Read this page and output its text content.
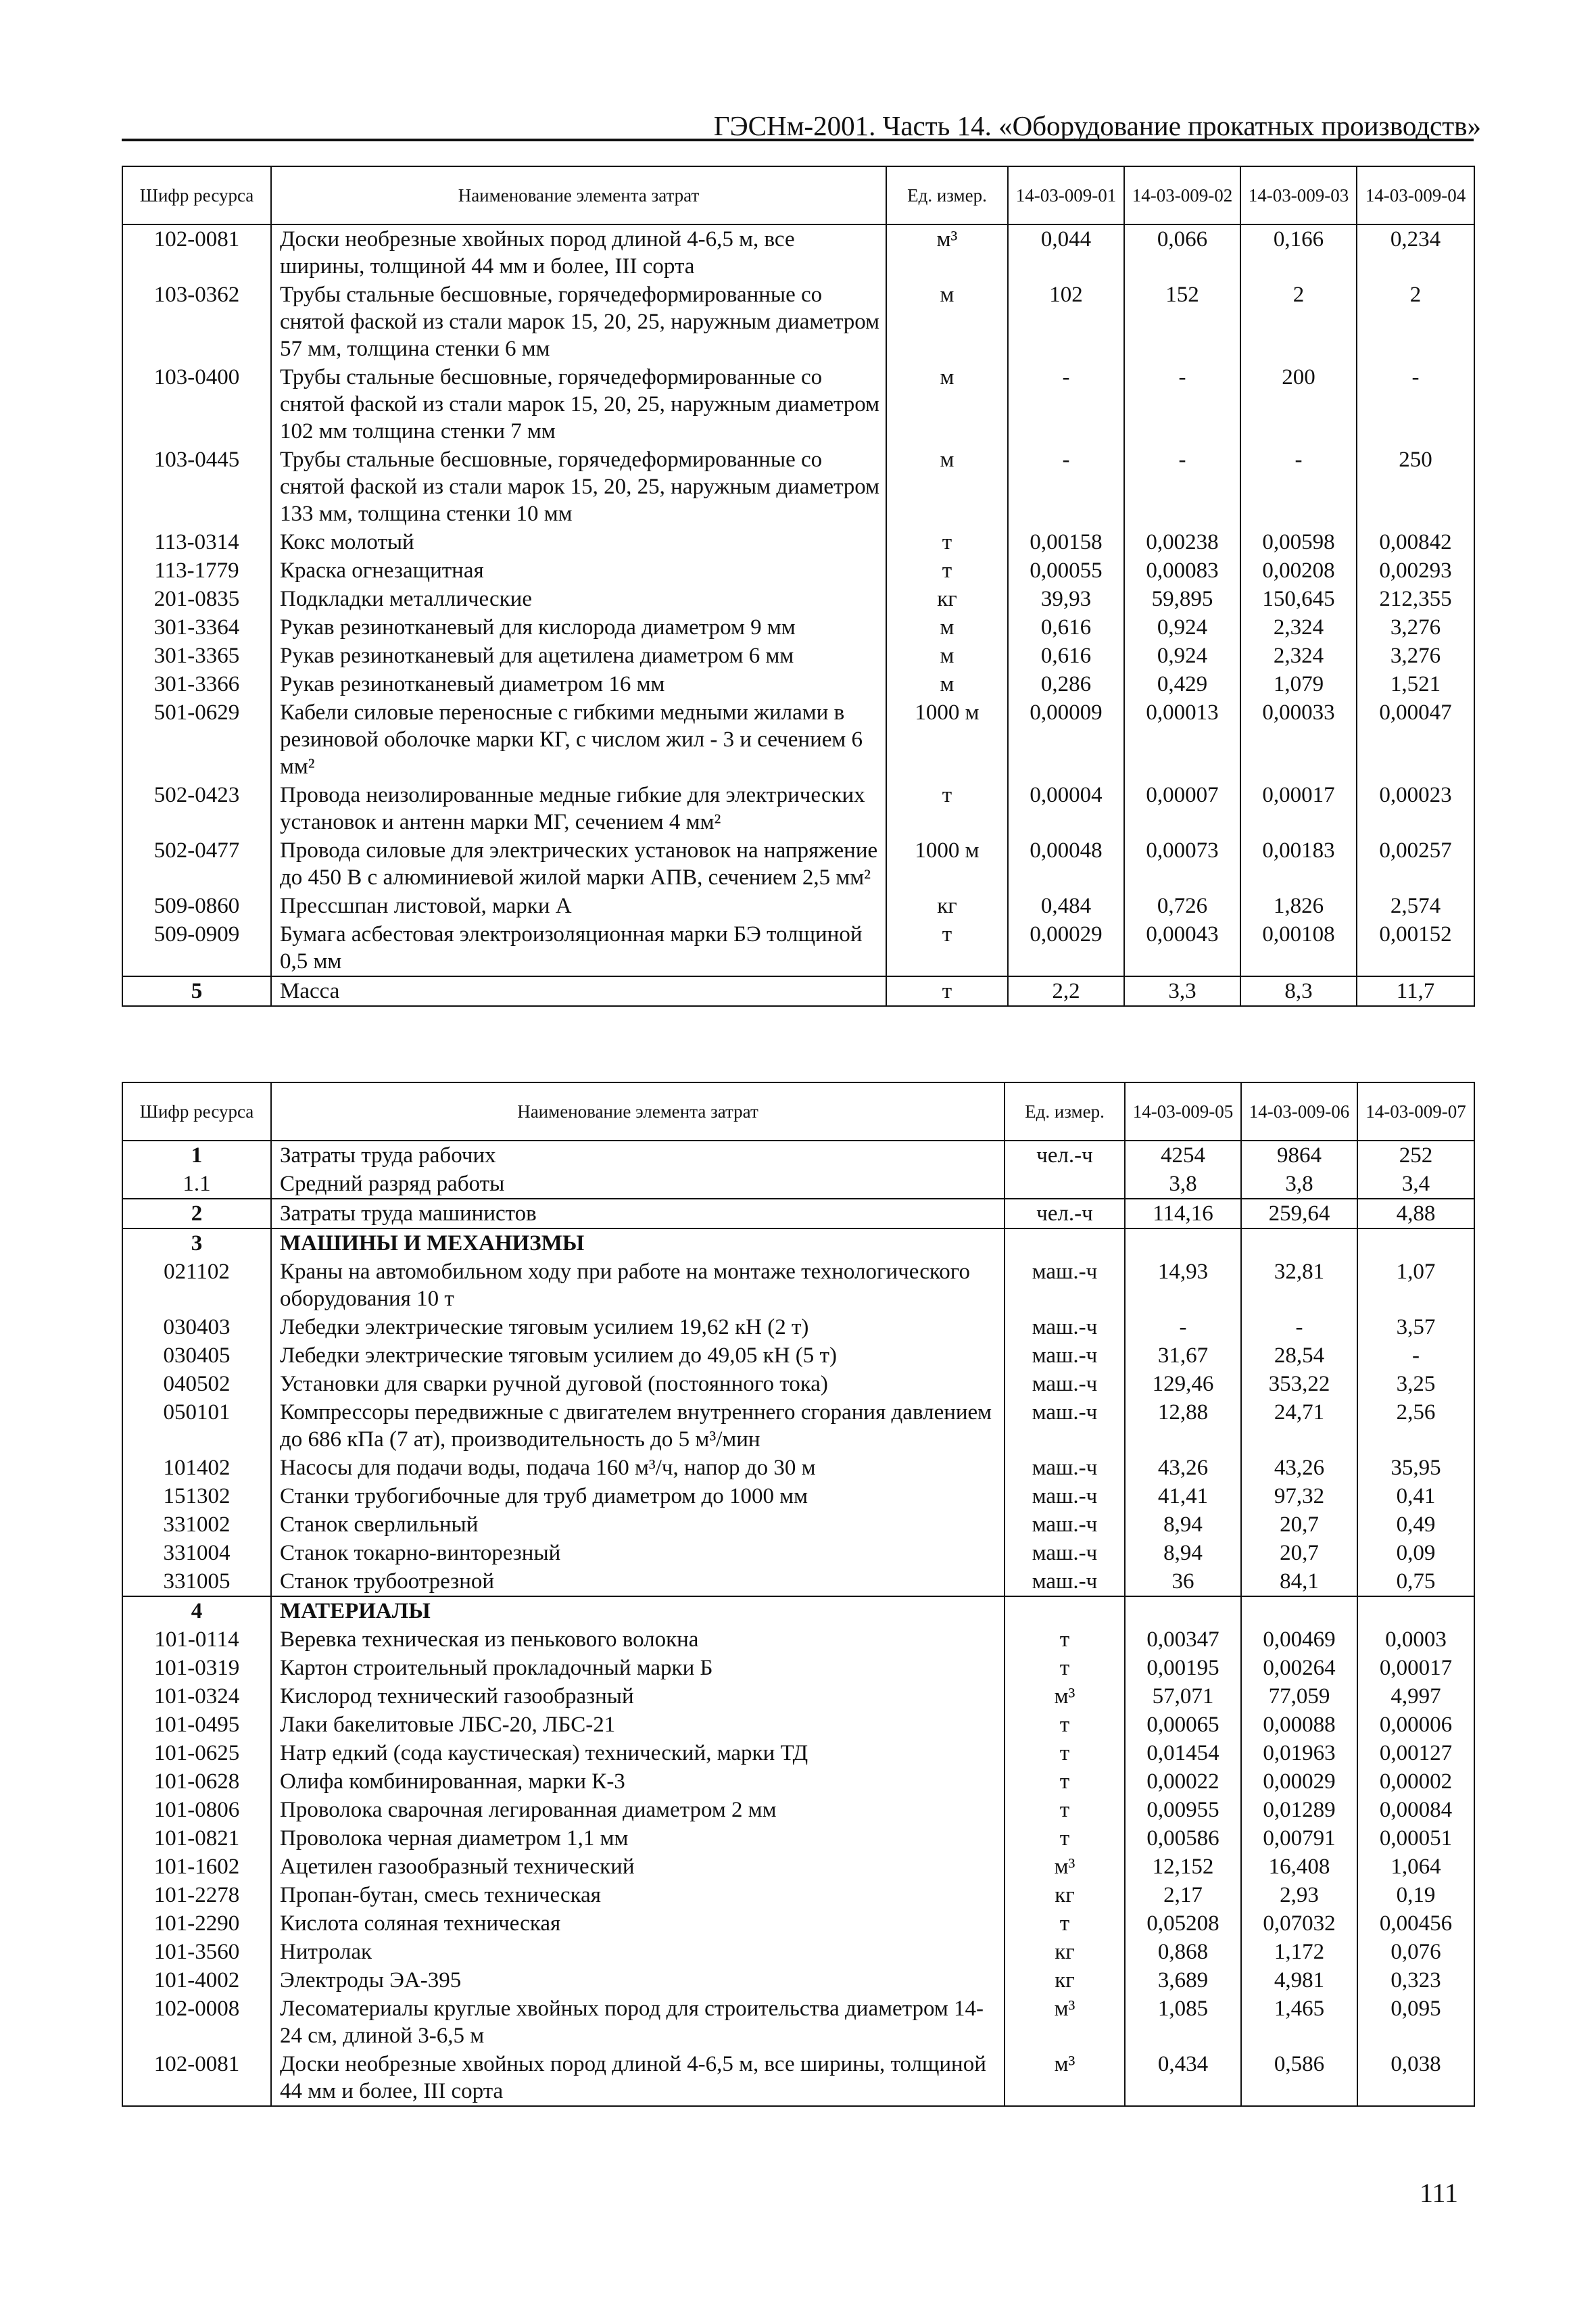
ГЭСНм-2001. Часть 14. «Оборудование прокатных производств»
Шифр ресурса	Наименование элемента затрат	Ед. измер.	14-03-009-01	14-03-009-02	14-03-009-03	14-03-009-04
102-0081	Доски необрезные хвойных пород длиной 4-6,5 м, все ширины, толщиной 44 мм и более, III сорта	м³	0,044	0,066	0,166	0,234
103-0362	Трубы стальные бесшовные, горячедеформированные со снятой фаской из стали марок 15, 20, 25, наружным диаметром 57 мм, толщина стенки 6 мм	м	102	152	2	2
103-0400	Трубы стальные бесшовные, горячедеформированные со снятой фаской из стали марок 15, 20, 25, наружным диаметром 102 мм толщина стенки 7 мм	м	-	-	200	-
103-0445	Трубы стальные бесшовные, горячедеформированные со снятой фаской из стали марок 15, 20, 25, наружным диаметром 133 мм, толщина стенки 10 мм	м	-	-	-	250
113-0314	Кокс молотый	т	0,00158	0,00238	0,00598	0,00842
113-1779	Краска огнезащитная	т	0,00055	0,00083	0,00208	0,00293
201-0835	Подкладки металлические	кг	39,93	59,895	150,645	212,355
301-3364	Рукав резинотканевый для кислорода диаметром 9 мм	м	0,616	0,924	2,324	3,276
301-3365	Рукав резинотканевый для ацетилена диаметром 6 мм	м	0,616	0,924	2,324	3,276
301-3366	Рукав резинотканевый диаметром 16 мм	м	0,286	0,429	1,079	1,521
501-0629	Кабели силовые переносные с гибкими медными жилами в резиновой оболочке марки КГ, с числом жил - 3 и сечением 6 мм²	1000 м	0,00009	0,00013	0,00033	0,00047
502-0423	Провода неизолированные медные гибкие для электрических установок и антенн марки МГ, сечением 4 мм²	т	0,00004	0,00007	0,00017	0,00023
502-0477	Провода силовые для электрических установок на напряжение до 450 В с алюминиевой жилой марки АПВ, сечением 2,5 мм²	1000 м	0,00048	0,00073	0,00183	0,00257
509-0860	Прессшпан листовой, марки А	кг	0,484	0,726	1,826	2,574
509-0909	Бумага асбестовая электроизоляционная марки БЭ толщиной 0,5 мм	т	0,00029	0,00043	0,00108	0,00152
5	Масса	т	2,2	3,3	8,3	11,7
Шифр ресурса	Наименование элемента затрат	Ед. измер.	14-03-009-05	14-03-009-06	14-03-009-07
1	Затраты труда рабочих	чел.-ч	4254	9864	252
1.1	Средний разряд работы		3,8	3,8	3,4
2	Затраты труда машинистов	чел.-ч	114,16	259,64	4,88
3	МАШИНЫ И МЕХАНИЗМЫ				
021102	Краны на автомобильном ходу при работе на монтаже технологического оборудования 10 т	маш.-ч	14,93	32,81	1,07
030403	Лебедки электрические тяговым усилием 19,62 кН (2 т)	маш.-ч	-	-	3,57
030405	Лебедки электрические тяговым усилием до 49,05 кН (5 т)	маш.-ч	31,67	28,54	-
040502	Установки для сварки ручной дуговой (постоянного тока)	маш.-ч	129,46	353,22	3,25
050101	Компрессоры передвижные с двигателем внутреннего сгорания давлением до 686 кПа (7 ат), производительность до 5 м³/мин	маш.-ч	12,88	24,71	2,56
101402	Насосы для подачи воды, подача 160 м³/ч, напор до 30 м	маш.-ч	43,26	43,26	35,95
151302	Станки трубогибочные для труб диаметром до 1000 мм	маш.-ч	41,41	97,32	0,41
331002	Станок сверлильный	маш.-ч	8,94	20,7	0,49
331004	Станок токарно-винторезный	маш.-ч	8,94	20,7	0,09
331005	Станок трубоотрезной	маш.-ч	36	84,1	0,75
4	МАТЕРИАЛЫ				
101-0114	Веревка техническая из пенькового волокна	т	0,00347	0,00469	0,0003
101-0319	Картон строительный прокладочный марки Б	т	0,00195	0,00264	0,00017
101-0324	Кислород технический газообразный	м³	57,071	77,059	4,997
101-0495	Лаки бакелитовые ЛБС-20, ЛБС-21	т	0,00065	0,00088	0,00006
101-0625	Натр едкий (сода каустическая) технический, марки ТД	т	0,01454	0,01963	0,00127
101-0628	Олифа комбинированная, марки К-3	т	0,00022	0,00029	0,00002
101-0806	Проволока сварочная легированная диаметром 2 мм	т	0,00955	0,01289	0,00084
101-0821	Проволока черная диаметром 1,1 мм	т	0,00586	0,00791	0,00051
101-1602	Ацетилен газообразный технический	м³	12,152	16,408	1,064
101-2278	Пропан-бутан, смесь техническая	кг	2,17	2,93	0,19
101-2290	Кислота соляная техническая	т	0,05208	0,07032	0,00456
101-3560	Нитролак	кг	0,868	1,172	0,076
101-4002	Электроды ЭА-395	кг	3,689	4,981	0,323
102-0008	Лесоматериалы круглые хвойных пород для строительства диаметром 14-24 см, длиной 3-6,5 м	м³	1,085	1,465	0,095
102-0081	Доски необрезные хвойных пород длиной 4-6,5 м, все ширины, толщиной 44 мм и более, III сорта	м³	0,434	0,586	0,038
111
